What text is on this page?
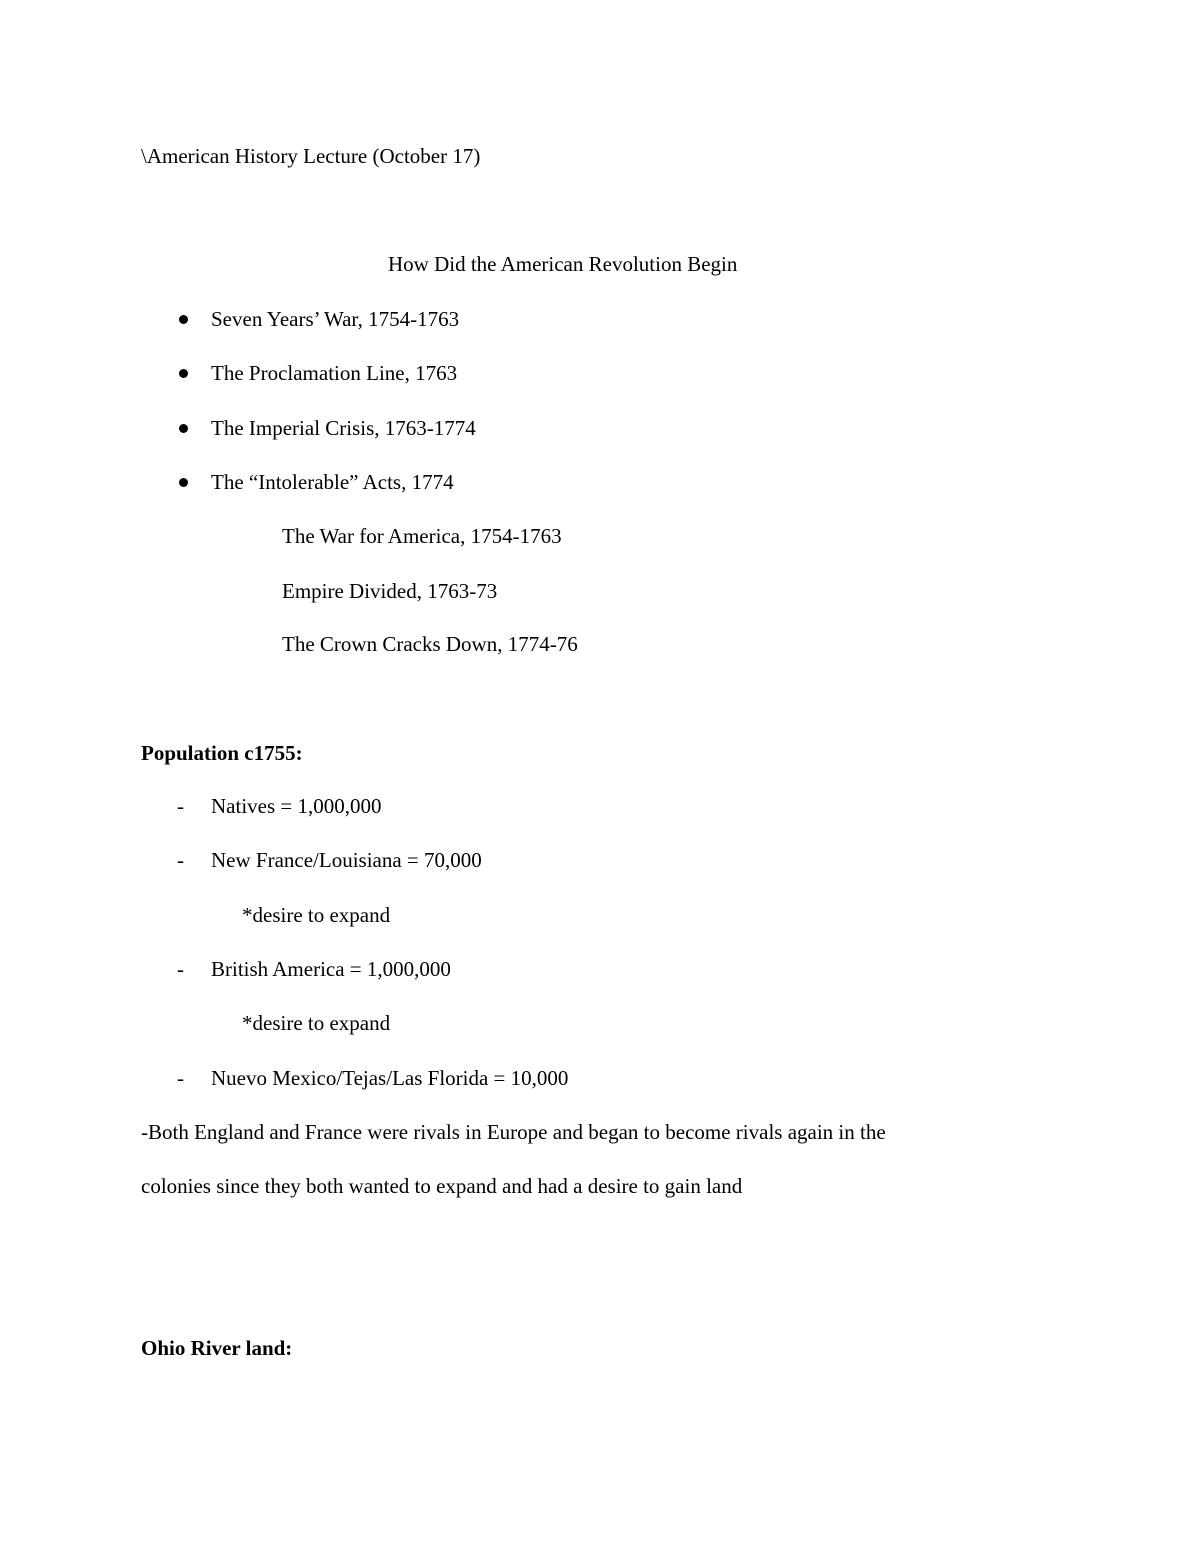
\American History Lecture (October 17)
How Did the American Revolution Begin
Seven Years’ War, 1754-1763
The Proclamation Line, 1763
The Imperial Crisis, 1763-1774
The “Intolerable” Acts, 1774
The War for America, 1754-1763
Empire Divided, 1763-73
The Crown Cracks Down, 1774-76
Population c1755:
- Natives = 1,000,000
- New France/Louisiana = 70,000
*desire to expand
- British America = 1,000,000
*desire to expand
- Nuevo Mexico/Tejas/Las Florida = 10,000
-Both England and France were rivals in Europe and began to become rivals again in the
colonies since they both wanted to expand and had a desire to gain land
Ohio River land:
